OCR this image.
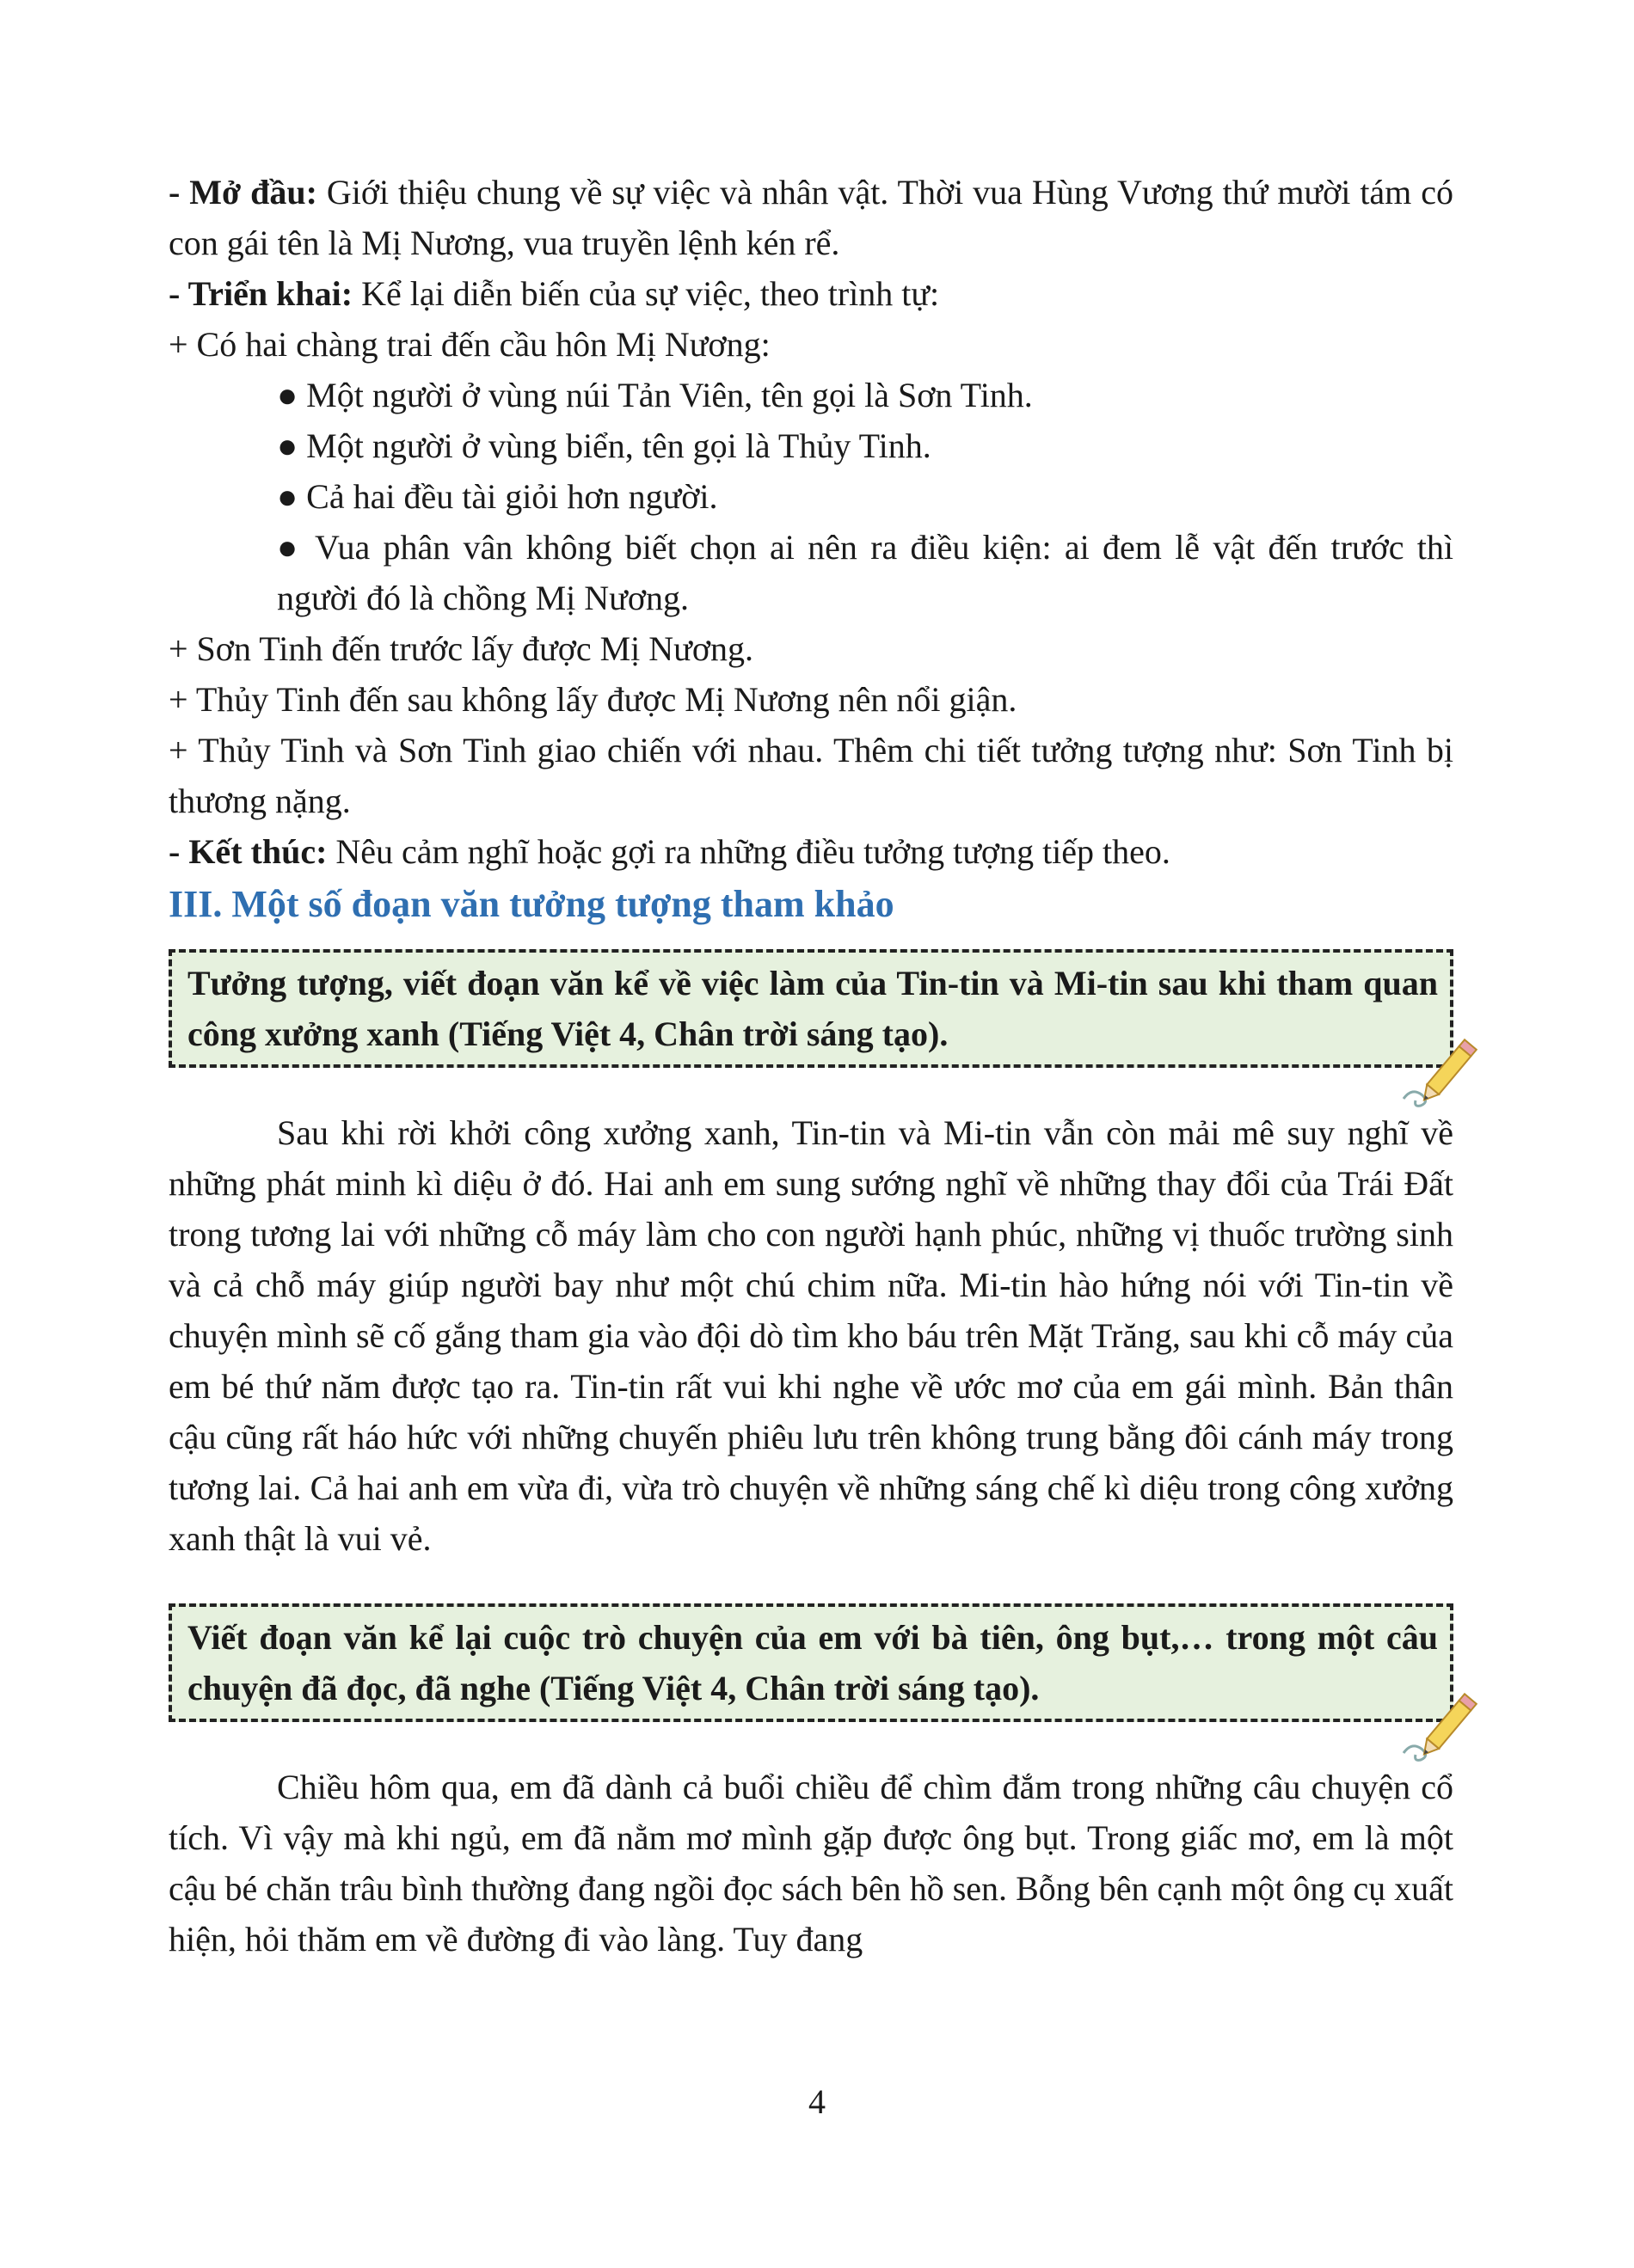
- Mở đầu: Giới thiệu chung về sự việc và nhân vật. Thời vua Hùng Vương thứ mười tám có con gái tên là Mị Nương, vua truyền lệnh kén rể.

- Triển khai: Kể lại diễn biến của sự việc, theo trình tự:

+ Có hai chàng trai đến cầu hôn Mị Nương:

● Một người ở vùng núi Tản Viên, tên gọi là Sơn Tinh.

● Một người ở vùng biển, tên gọi là Thủy Tinh.

● Cả hai đều tài giỏi hơn người.

● Vua phân vân không biết chọn ai nên ra điều kiện: ai đem lễ vật đến trước thì người đó là chồng Mị Nương.

+ Sơn Tinh đến trước lấy được Mị Nương.

+ Thủy Tinh đến sau không lấy được Mị Nương nên nổi giận.

+ Thủy Tinh và Sơn Tinh giao chiến với nhau. Thêm chi tiết tưởng tượng như: Sơn Tinh bị thương nặng.

- Kết thúc: Nêu cảm nghĩ hoặc gợi ra những điều tưởng tượng tiếp theo.

III. Một số đoạn văn tưởng tượng tham khảo

Tưởng tượng, viết đoạn văn kể về việc làm của Tin-tin và Mi-tin sau khi tham quan công xưởng xanh (Tiếng Việt 4, Chân trời sáng tạo).

Sau khi rời khởi công xưởng xanh, Tin-tin và Mi-tin vẫn còn mải mê suy nghĩ về những phát minh kì diệu ở đó. Hai anh em sung sướng nghĩ về những thay đổi của Trái Đất trong tương lai với những cỗ máy làm cho con người hạnh phúc, những vị thuốc trường sinh và cả chỗ máy giúp người bay như một chú chim nữa. Mi-tin hào hứng nói với Tin-tin về chuyện mình sẽ cố gắng tham gia vào đội dò tìm kho báu trên Mặt Trăng, sau khi cỗ máy của em bé thứ năm được tạo ra. Tin-tin rất vui khi nghe về ước mơ của em gái mình. Bản thân cậu cũng rất háo hức với những chuyến phiêu lưu trên không trung bằng đôi cánh máy trong tương lai. Cả hai anh em vừa đi, vừa trò chuyện về những sáng chế kì diệu trong công xưởng xanh thật là vui vẻ.

Viết đoạn văn kể lại cuộc trò chuyện của em với bà tiên, ông bụt,… trong một câu chuyện đã đọc, đã nghe (Tiếng Việt 4, Chân trời sáng tạo).

Chiều hôm qua, em đã dành cả buổi chiều để chìm đắm trong những câu chuyện cổ tích. Vì vậy mà khi ngủ, em đã nằm mơ mình gặp được ông bụt. Trong giấc mơ, em là một cậu bé chăn trâu bình thường đang ngồi đọc sách bên hồ sen. Bỗng bên cạnh một ông cụ xuất hiện, hỏi thăm em về đường đi vào làng. Tuy đang

4
